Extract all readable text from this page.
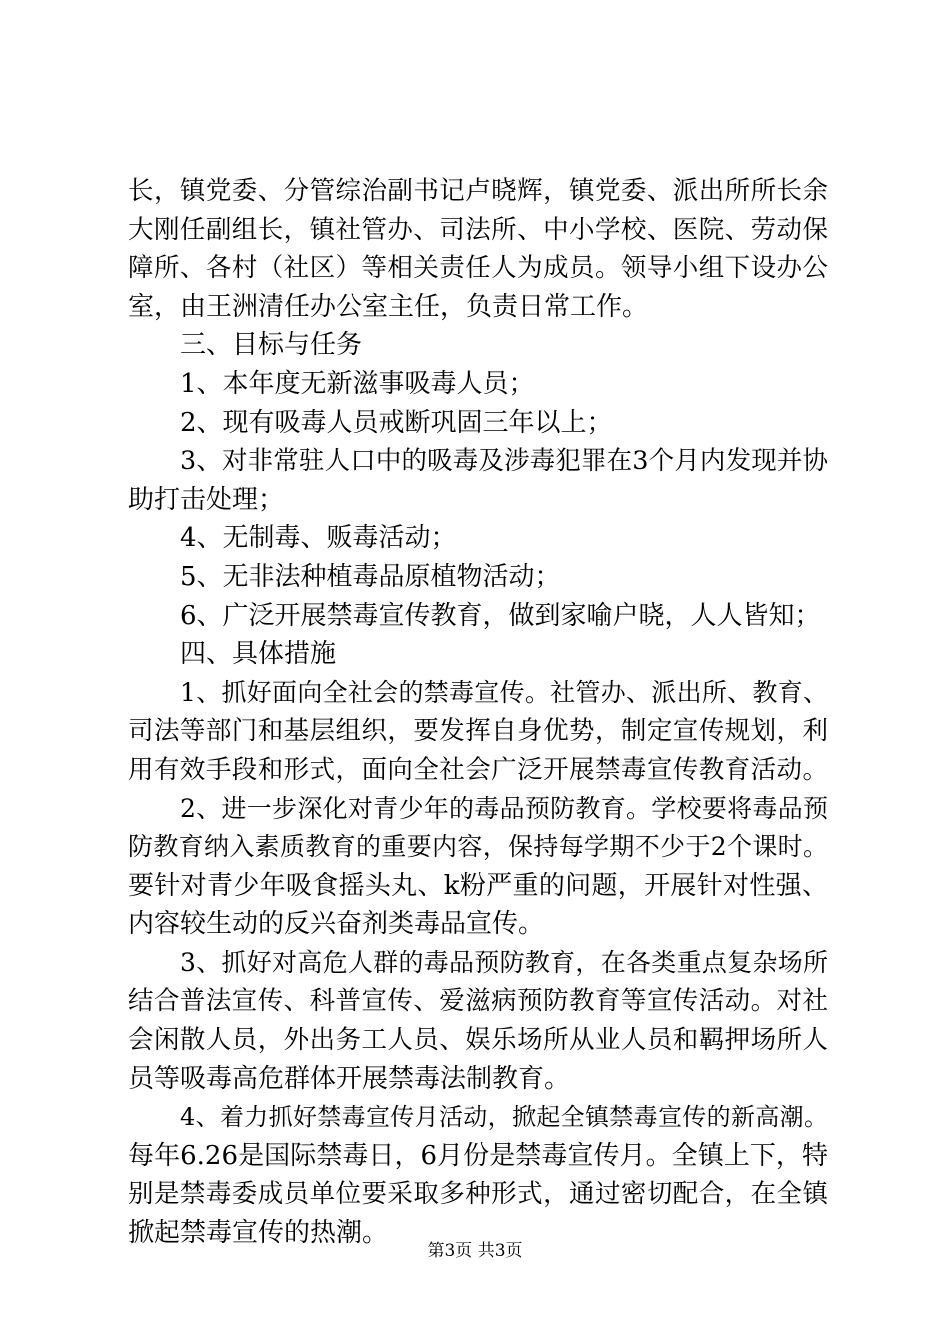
长，镇党委、分管综治副书记卢晓辉，镇党委、派出所所长余
大刚任副组长，镇社管办、司法所、中小学校、医院、劳动保
障所、各村（社区）等相关责任人为成员。领导小组下设办公
室，由王洲清任办公室主任，负责日常工作。
三、目标与任务
1、本年度无新滋事吸毒人员；
2、现有吸毒人员戒断巩固三年以上；
3、对非常驻人口中的吸毒及涉毒犯罪在3个月内发现并协
助打击处理；
4、无制毒、贩毒活动；
5、无非法种植毒品原植物活动；
6、广泛开展禁毒宣传教育，做到家喻户晓，人人皆知；
四、具体措施
1、抓好面向全社会的禁毒宣传。社管办、派出所、教育、
司法等部门和基层组织，要发挥自身优势，制定宣传规划，利
用有效手段和形式，面向全社会广泛开展禁毒宣传教育活动。
2、进一步深化对青少年的毒品预防教育。学校要将毒品预
防教育纳入素质教育的重要内容，保持每学期不少于2个课时。
要针对青少年吸食摇头丸、k粉严重的问题，开展针对性强、
内容较生动的反兴奋剂类毒品宣传。
3、抓好对高危人群的毒品预防教育，在各类重点复杂场所
结合普法宣传、科普宣传、爱滋病预防教育等宣传活动。对社
会闲散人员，外出务工人员、娱乐场所从业人员和羁押场所人
员等吸毒高危群体开展禁毒法制教育。
4、着力抓好禁毒宣传月活动，掀起全镇禁毒宣传的新高潮。
每年6.26是国际禁毒日，6月份是禁毒宣传月。全镇上下，特
别是禁毒委成员单位要采取多种形式，通过密切配合，在全镇
掀起禁毒宣传的热潮。
第3页 共3页
